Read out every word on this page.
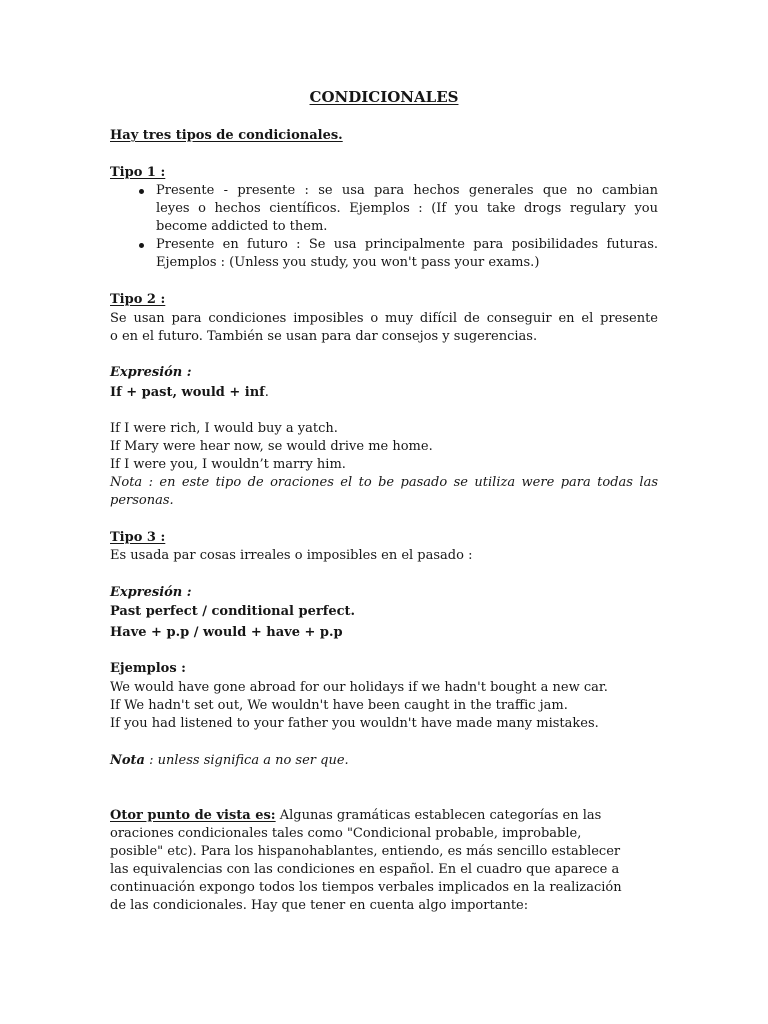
CONDICIONALES
Hay tres tipos de condicionales.
Tipo 1 :
Presente - presente : se usa para hechos generales que no cambian
leyes o hechos científicos. Ejemplos : (If you take drogs regulary you
become addicted to them.
Presente en futuro : Se usa principalmente para posibilidades futuras.
Ejemplos : (Unless you study, you won't pass your exams.)
Tipo 2 :
Se usan para condiciones imposibles o muy difícil de conseguir en el presente
o en el futuro. También se usan para dar consejos y sugerencias.
Expresión :
If + past, would + inf.
If I were rich, I would buy a yatch.
If Mary were hear now, se would drive me home.
If I were you, I wouldn’t marry him.
Nota : en este tipo de oraciones el to be pasado se utiliza were para todas las
personas.
Tipo 3 :
Es usada par cosas irreales o imposibles en el pasado :
Expresión :
Past perfect / conditional perfect.
Have + p.p / would + have + p.p
Ejemplos :
We would have gone abroad for our holidays if we hadn't bought a new car.
If We hadn't set out, We wouldn't have been caught in the traffic jam.
If you had listened to your father you wouldn't have made many mistakes.
Nota : unless significa a no ser que.
Otor punto de vista es: Algunas gramáticas establecen categorías en las
oraciones condicionales tales como "Condicional probable, improbable,
posible" etc). Para los hispanohablantes, entiendo, es más sencillo establecer
las equivalencias con las condiciones en español. En el cuadro que aparece a
continuación expongo todos los tiempos verbales implicados en la realización
de las condicionales. Hay que tener en cuenta algo importante:
